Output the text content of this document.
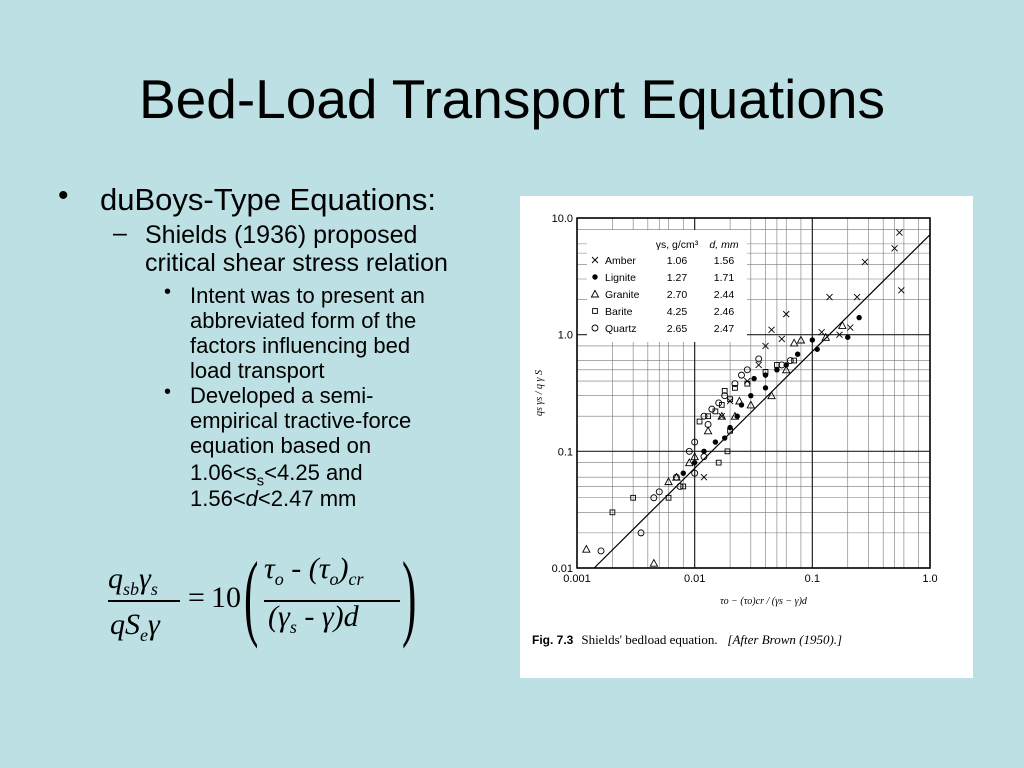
Bed-Load Transport Equations
• duBoys-Type Equations:
– Shields (1936) proposed
critical shear stress relation
• Intent was to present an
abbreviated form of the
factors influencing bed
load transport
• Developed a semi-
empirical tractive-force
equation based on
$1.06<s_s<4.25$ and
1.56<d<2.47 mm
$q_{sb}\gamma_s$
$qS_e\gamma$
= 10 ( $\tau_o - (\tau_o)_{cr}$
$(\gamma_s - \gamma)d$ )	0.001	0.01	0.1	1.0
0.01
0.1
1.0
10.0
γs, g/cm³ d, mm
Amber	1.06	1.56
Lignite	1.27	1.71
Granite	2.70	2.44
Barite	4.25	2.46
Quartz	2.65	2.47
qs γs / q γ S
τo − (τo)cr / (γs − γ)d
Fig. 7.3 Shields' bedload equation. [After Brown (1950).]
